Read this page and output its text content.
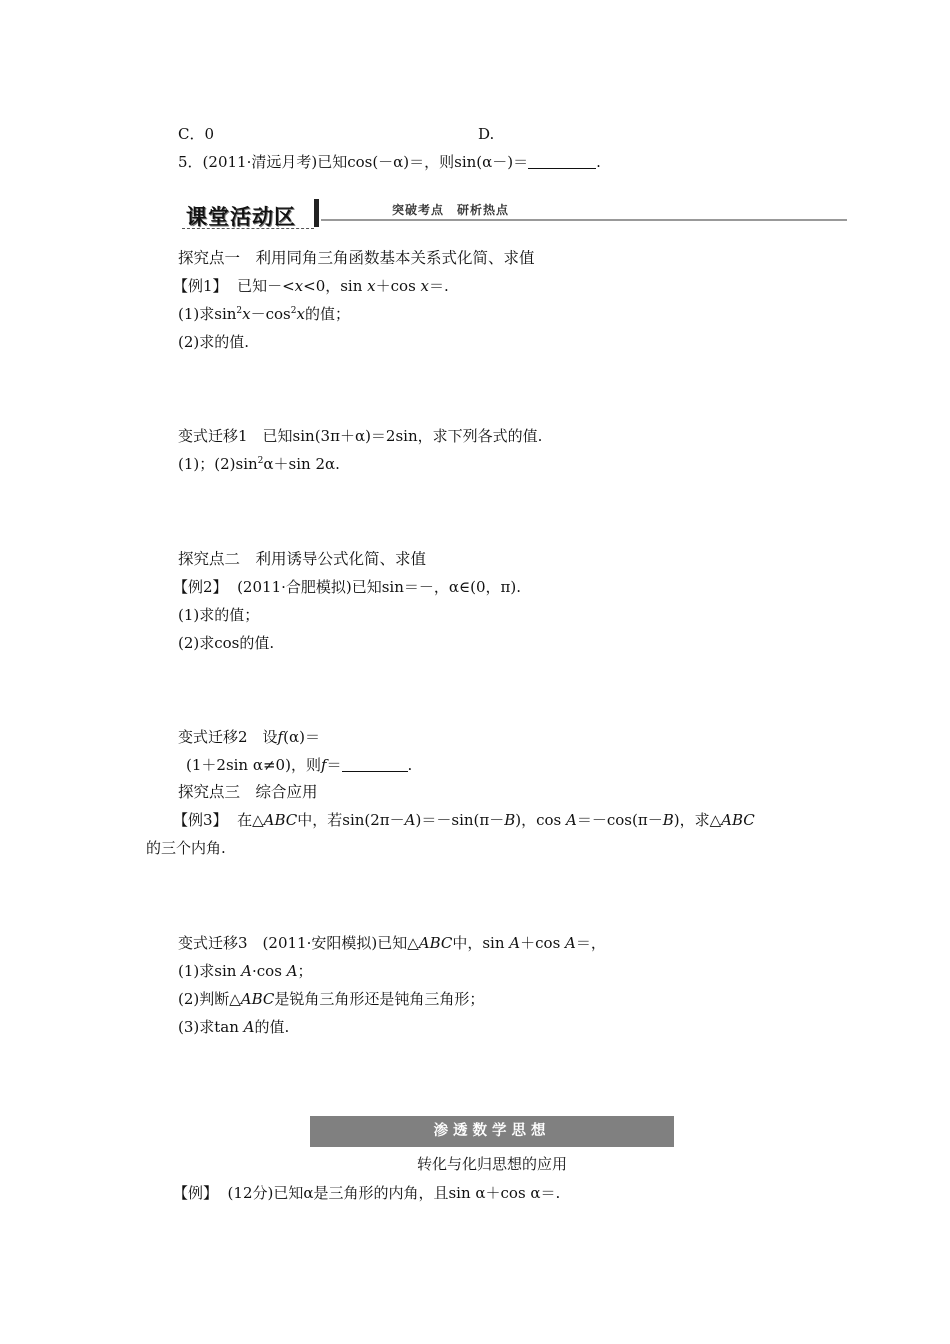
C．0	D.
5．(2011·清远月考)已知cos(－α)＝，则sin(α－)＝	.
课堂活动区	突破考点　研析热点
探究点一　利用同角三角函数基本关系式化简、求值
【例1】  已知－<x<0，sin x＋cos x＝.
(1)求$\sin^2x-\cos^2x$的值；
(2)求的值.
变式迁移1　已知sin(3π＋α)＝2sin，求下列各式的值.
(1)；$(2)\sin^2\alpha+\sin$ 2α.
探究点二　利用诱导公式化简、求值
【例2】  (2011·合肥模拟)已知sin＝－，α∈(0，π).
(1)求的值；
(2)求cos的值.
变式迁移2　设f(α)＝
(1＋2sin α≠0)，则f＝	.
探究点三　综合应用
【例3】  在△ABC中，若sin(2π－A)＝－sin(π－B)，cos A＝－cos(π－B)，求△ABC
的三个内角.
变式迁移3　(2011·安阳模拟)已知△ABC中，sin A＋cos A＝，
(1)求sin A·cos A；
(2)判断△ABC是锐角三角形还是钝角三角形；
(3)求tan A的值.
渗透数学思想
转化与化归思想的应用
【例】  (12分)已知α是三角形的内角，且sin α＋cos α＝.
